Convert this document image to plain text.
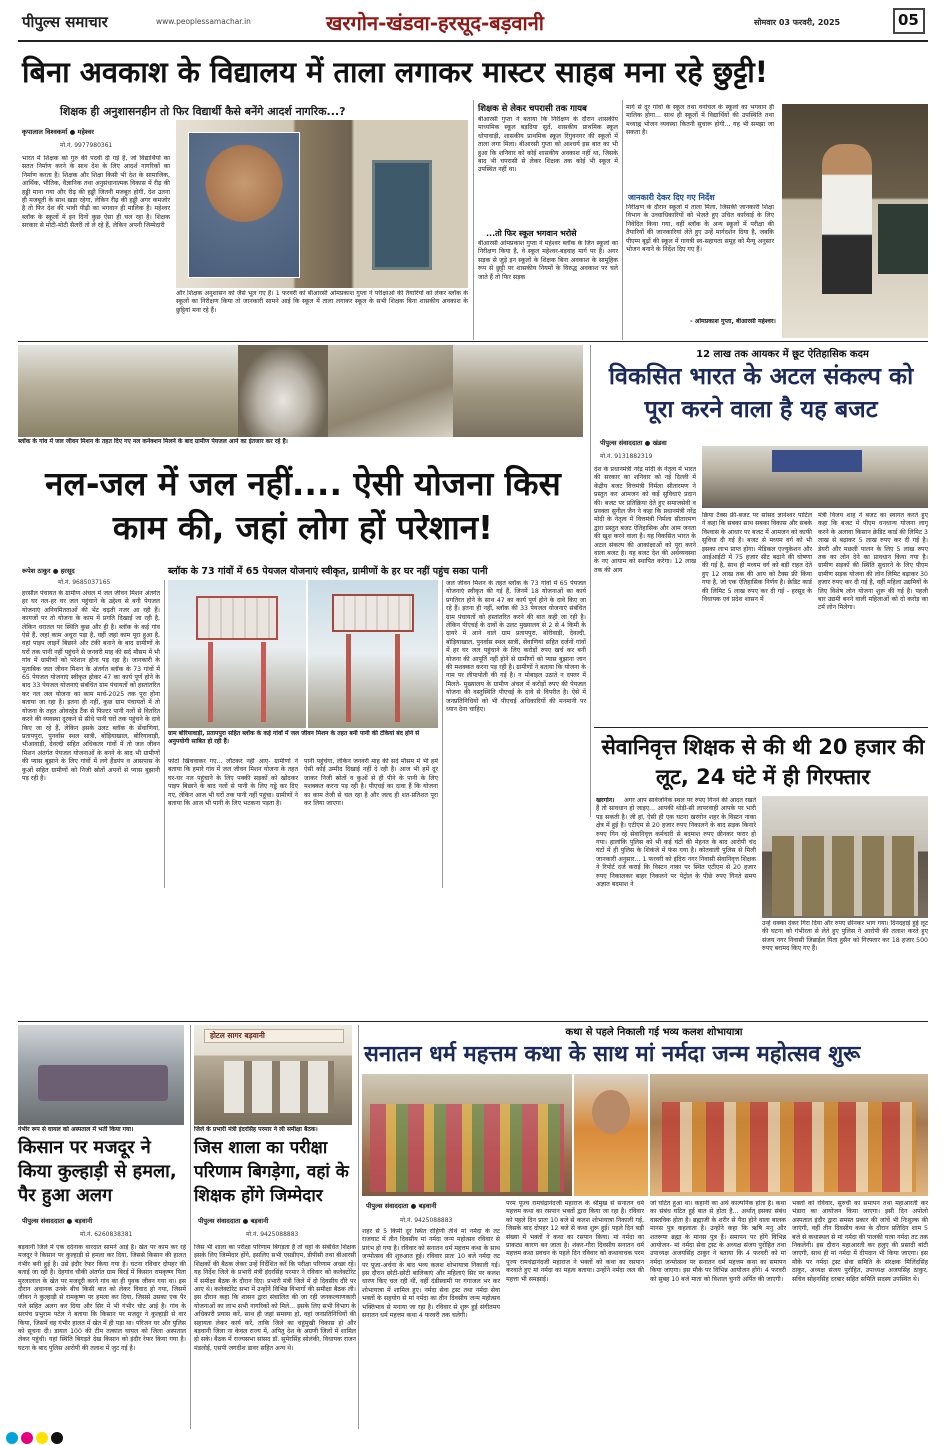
पीपुल्स समाचार	www.peoplessamachar.in	खरगोन-खंडवा-हरसूद-बड़वानी	सोमवार 03 फरवरी, 2025	05
बिना अवकाश के विद्यालय में ताला लगाकर मास्टर साहब मना रहे छुट्टी!
शिक्षक ही अनुशासनहीन तो फिर विद्यार्थी कैसे बनेंगे आदर्श नागरिक...?
कृपालाल विश्वकर्मा ● महेश्वर
मो.नं. 9977980361
भारत में शिक्षक को गुरु की पदवी दी गई है, जो विद्यार्थियों का सतत निर्माण करने के साथ देश के लिए आदर्श नागरिकों का निर्माण करता है। शिक्षक और शिक्षा किसी भी देश के सामाजिक, आर्थिक, भौतिक, वैज्ञानिक तथा अनुसंधानात्मक विकास में रीढ़ की हड्डी माना गया और रीढ़ की हड्डी जितनी मजबूत होगी, देश उतना ही मजबूती के साथ खड़ा रहेगा, लेकिन रीढ़ की हड्डी अगर कमजोर है तो फिर देश की भावी पीढ़ी का भगवान ही मालिक है। महेश्वर ब्लॉक के स्कूलों में इन दिनों कुछ ऐसा ही चल रहा है। शिक्षक सरकार से मोटी-मोटी सैलरी तो ले रहे हैं, लेकिन अपनी जिम्मेदारी
और शिक्षक अनुशासन को जैसे भूल गए हैं। 1 फरवरी को बीआरसी ओमप्रकाश गुप्ता ने परीक्षाओं की तैयारियों को लेकर ब्लॉक के स्कूलों का निरीक्षण किया तो जानकारी सामने आई कि स्कूल में ताला लगाकर स्कूल के सभी शिक्षक बिना शासकीय अवकाश के छुट्टियां मना रहे हैं।
शिक्षक से लेकर चपरासी तक गायब
बीआरसी गुप्ता ने बताया कि निरीक्षण के दौरान शासकीय माध्यमिक स्कूल बड़दिया सुर्त, शासकीय प्राथमिक स्कूल धोपावाड़ी, शासकीय प्राथमिक स्कूल रिंगुवनगर की स्कूलों में ताला लगा मिला। बीआरसी गुप्ता को आश्चर्य इस बात का भी हुआ कि शनिवार को कोई शासकीय अवकाश नहीं था, जिसके बाद भी चपरासी से लेकर शिक्षक तक कोई भी स्कूल में उपस्थित नहीं था।
...तो फिर स्कूल भगवान भरोसे
बीआरसी ओमप्रकाश गुप्ता ने महेश्वर ब्लॉक के जिन स्कूलों का निरीक्षण किया है, वे स्कूल महेश्वर-बड़वाह मार्ग पर हैं। अगर सड़क से जुड़े इन स्कूलों के शिक्षक बिना अवकाश के सामूहिक रूप से छुट्टी पर शासकीय नियमों के विरुद्ध अवकाश पर चले जाते हैं तो फिर सड़क
मार्ग से दूर गांवों के स्कूल तथा वनांचल के स्कूलों का भगवान ही मालिक होगा... साथ ही स्कूलों में विद्यार्थियों की उपस्थिति तथा मध्याह्न भोजन व्यवस्था कितनी सुचारू होगी... यह भी समझा जा सकता है।
जानकारी देकर दिए गए निर्देश
निरीक्षण के दौरान स्कूलों में ताला मिला, जिसकी जानकारी शिक्षा विभाग के उच्चाधिकारियों को भेजते हुए उचित कार्रवाई के लिए निवेदित किया गया, वहीं ब्लॉक के अन्य स्कूलों में परीक्षा की तैयारियों की जानकारियां लेते हुए उन्हें मार्गदर्शन दिया है, जबकि पीएम्प बूढ़ों की स्कूल में गायत्री स्व-सहायता समूह को मैन्यू अनुसार भोजन बनाने के निर्देश दिए गए हैं।
- ओमप्रकाश गुप्ता, बीआरसी महेश्वर।
ब्लॉक के गांव में जल जीवन मिशन के तहत दिए गए नल कनेक्शन मिलने के बाद ग्रामीण पेयजल आने का इंतजार कर रहे हैं।
12 लाख तक आयकर में छूट ऐतिहासिक कदम
विकसित भारत के अटल संकल्प को पूरा करने वाला है यह बजट
पीपुल्स संवाददाता ● खंडवा
मो.नं. 9131882319
देश के प्रधानमंत्री नरेंद्र मोदी के नेतृत्व में भारत की सरकार का शनिवार को नई दिल्ली में केंद्रीय बजट वित्तमंत्री निर्मला सीतारमण ने प्रस्तुत कर आमजन को कई सुविधाएं प्रदान की। बजट पर प्रतिक्रिया देते हुए समाजसेवी व प्रवक्ता सुनील जैन ने कहा कि प्रधानमंत्री नरेंद्र मोदी के नेतृत्व में वित्तमंत्री निर्मला सीतारमण द्वारा प्रस्तुत बजट ऐतिहासिक और आम जनता की खुश करने वाला है। यह विकसित भारत के अटल संकल्प की आकांक्षाओं को पूरा करने वाला बजट है। यह बजट देश की अर्थव्यवस्था के नए आयाम को स्थापित करेगा। 12 लाख तक की आय
क्रिया टैक्स फ्री-बजट पर सांसद ज्ञानेश्वर पाटिल ने कहा कि सबका साथ सबका विकास और सबके विश्वास के आधार पर बजट में आमजन को काफी सुविधा दी गई है। बजट से मध्यम वर्ग को भी इसका लाभ प्राप्त होगा। मेडिकल एज्युकेशन और आईआईटी में 75 हजार सीट बढ़ाने की घोषणा की गई है, साथ ही मध्यम वर्ग को बड़ी राहत देते हुए 12 लाख तक की आय को टैक्स फ्री किया गया है, जो एक ऐतिहासिक निर्णय है। क्रेडिट कार्ड की लिमिट 5 लाख रुपए कर दी गई - हरसूद के विधायक एवं प्रदेश शासन में
मंत्री विजय शाह ने बजट का स्वागत करते हुए कहा कि बजट में पीएम धनधान्य योजना लागू करने के अलावा किसान क्रेडिट कार्ड की लिमिट 3 लाख से बढ़ाकर 5 लाख रुपए कर दी गई है। डेयरी और मछली पालन के लिए 5 लाख रुपए तक का लोन देने का प्रावधान किया गया है। ग्रामीण सड़कों की स्थिति सुधारने के लिए पीएम ग्रामीण सड़क योजना की लोन लिमिट बढ़ाकर 30 हजार रुपए कर दी गई है, वहीं महिला उद्यमियों के लिए विशेष लोन योजना शुरू की गई है। पहली बार उद्यमी बनने वाली महिलाओं को दो करोड़ का टर्म लोन मिलेगा।
नल-जल में जल नहीं.... ऐसी योजना किस काम की, जहां लोग हों परेशान!
रूपेश ठाकुर ● हरसूद
मो.नं. 9685037165
ब्लॉक के 73 गांवों में 65 पेयजल योजनाएं स्वीकृत, ग्रामीणों के हर घर नहीं पहुंच सका पानी
हरसौल पंचायत के ग्रामीण अंचल में जल जीवन मिशन अंतर्गत हर घर नल-हर घर जल पहुंचाने के उद्देश्य से बनी पेयजल योजनाएं अनियमितताओं की भेंट चढ़ती नजर आ रही हैं। कागजों पर तो योजना के काम में प्रगति दिखाई जा रही है, लेकिन धरातल पर स्थिति कुछ और ही है। ब्लॉक के कई गांव ऐसे हैं, जहां काम अधूरा पड़ा है, वहीं जहां काम पूरा हुआ है, वहां पाइप लाइनें बिछाने और टंकी बनाने के बाद ग्रामीणों के घरों तक पानी नहीं पहुंचने से जनवरी माह की सर्द मौसम में भी गांव में ग्रामीणों को परेशान होना पड़ रहा है। जानकारी के मुताबिक जल जीवन मिशन के अंतर्गत ब्लॉक के 73 गांवों में 65 पेयजल योजनाएं स्वीकृत होकर 47 का कार्य पूर्ण होने के बाद 33 पेयजल योजनाएं संबंधित ग्राम पंचायतों को हस्तांतरित कर नल जल योजना का काम मार्च-2025 तक पूरा होना बताया जा रहा है। इतना ही नहीं, कुछ ग्राम पंचायतों में तो योजना के तहत ओवरहेड टैंक से फिल्टर पानी नलों से वितरित करने की व्यवस्था दूरकने से सीधे पानी घरों तक पहुंचने के दावे किए जा रहे हैं, लेकिन इसके उलट ब्लॉक के सेंवाणियां, प्रतापपुरा, पुनर्वास स्थल सात्री, बोड़ियाखाल, बोरियावाड़ी, भीआवाड़ी, देवल्दी सहित अधिकतर गांवों में तो जल जीवन मिशन अंतर्गत पेयजल योजनाओं के बनने के बाद भी ग्रामीणों की प्यास बुझाने के लिए गांवों में लगे हैंडपंप व आसपास के कुओं सहित ग्रामीणों को निजी स्रोतों अपनों से प्यास बुझानी पड़ रही है।
ग्राम बोरियावाड़ी, प्रतापपुरा सहित ब्लॉक के कई गांवों में जल जीवन मिशन के तहत बनी पानी की टंकियां बंद होने से अनुपयोगी साबित हो रही हैं।
फोटो खिंचवाकर गए... लौटकर नहीं आए- ग्रामीणों ने बताया कि हमारे गांव में जल जीवन मिशन योजना के तहत घर-घर नल पहुंचाने के लिए पक्की सड़कों को खोदकर पाइप बिछाने के बाद नलों से पानी के लिए गड्ढे कर दिए गए, लेकिन आज भी घरों तक पानी नहीं पहुंचा। ग्रामीणों ने बताया कि आज भी पानी के लिए भटकना पड़ता है।
पानी पहुंचेगा, लेकिन जनवरी माह की सर्द मौसम में भी हमें ऐसी कोई उम्मीद दिखाई नहीं दे रही है। आज भी हमें दूर जाकर निजी स्रोतों व कुओं से ही पीने के पानी के लिए मशक्कत करना पड़ रही है। पीएचई का दावा हैं कि योजना का काम तेजी से चल रहा है और जल्द ही शत-प्रतिशत पूरा कर लिया जाएगा।
जल जीवन मिशन के तहत ब्लॉक के 73 गांवों में 65 पेयजल योजनाएं स्वीकृत की गई हैं, जिनमें 18 योजनाओं का कार्य प्रगतिरत होने के साथ 47 का कार्य पूर्ण होने के दावे किए जा रहे हैं। इतना ही नहीं, ब्लॉक की 33 पेयजल योजनाएं संबंधित ग्राम पंचायतों को हस्तांतरित करने की बात कही जा रही है। लेकिन पीएचई के दावों के उलट मुख्यालय से 2 से 4 किमी के दायरे में आने वाले ग्राम प्रतापपुरा, बोरीवाड़ी, देवल्दी, बोड़ियाखाल, पुनर्वास स्थल सात्री, सेंवाणियां सहित दर्जनों गांवों में हर घर जल पहुंचाने के लिए करोड़ों रुपए खर्च कर बनी योजना की आपूर्ति नहीं होने से ग्रामीणों को प्यास बुझाना जान की मशक्कत करना पड़ रही है। ग्रामीणों ने बताया कि योजना के नाम पर लीपापोती की गई है। न मोबाइल उठाते न दफ्तर में मिलते- मुख्यालय के ग्रामीण अंचल में करोड़ों रुपए की पेयजल योजना की वस्तुस्थिति पीएचई के दावे से विपरीत है। ऐसे में जनप्रतिनिधियों को भी पीएचई अधिकारियों की मनमानी पर ध्यान देना चाहिए।
सेवानिवृत्त शिक्षक से की थी 20 हजार की लूट, 24 घंटे में ही गिरफ्तार
खरगोन।	अगर आप सार्वजनिक स्थल पर रुपए गिनने की आदत रखते हैं तो सावधान हो जाइए... आपकी थोड़ी-सी लापरवाही आपके पर भारी पड़ सकती है। जी हां, ऐसी ही एक घटना खरगोन शहर के विस्टन नाका क्षेत्र में हुई है। एटीएम से 20 हजार रुपए निकालने के बाद सड़क किनारे रुपए गिन रहे सेवानिवृत्त कर्मचारी से बदमाश रुपए छीनकर फरार हो गया। हालांकि पुलिस को भी कई घंटों की मेहनत के बाद आरोपी चंद घंटों में ही पुलिस के शिकंजे में फंस गया है। कोतवाली पुलिस से मिली जानकारी अनुसार... 1 फरवरी को इंदिरा नगर निवासी सेवानिवृत्त शिक्षक ने रिपोर्ट दर्ज कराई कि विस्टन नाका पर स्थित एटीएम से 20 हजार रुपए निकालकर बाहर निकलने पर पेट्रोल के पीछे रुपए गिनते समय अज्ञात बदमाश ने
उन्हें धक्का देकर गिरा दिया और रुपए छीनकर भाग गया। दिनदहाड़े हुई लूट की घटना को गंभीरता से लेते हुए पुलिस ने आरोपी की तलाश करते हुए संजय नगर निवासी जिब्राईल पिता हुसैन को गिरफ्तार कर 18 हजार 500 रुपए बरामद किए गए हैं।
गंभीर रूप से घायल को अस्पताल में भर्ती किया गया।
किसान पर मजदूर ने किया कुल्हाड़ी से हमला, पैर हुआ अलग
पीपुल्स संवाददाता ● बड़वानी
मो.नं. 6260838381
बड़वानी जिले में एक दर्दनाक वारदात सामने आई है। खेत पर काम कर रहे मजदूर ने किसान पर कुल्हाड़ी से हमला कर दिया, जिससे किसान की हालत गंभीर बनी हुई है। उसे इंदौर रेफर किया गया है। घटना रविवार दोपहर की बताई जा रही है। देहगांव चौकी अंतर्गत ग्राम बिरई में किसान रामकृष्ण पिता मुरलालाल के खेत पर मजदूरी करने गांव का ही युवक जीवन गया था। इस दौरान अचानक उनके बीच किसी बात को लेकर विवाद हो गया, जिसमें जीवन ने कुल्हाड़ी से रामकृष्ण पर हमला कर दिया, जिससे उसका एक पैर पंजे सहित अलग कर दिया और सिर में भी गंभीर चोट आई है। गांव के सरपंच प्रभुराम पटेल ने बताया कि किसान पर मजदूर ने कुल्हाड़ी से वार किया, जिसमें वह गंभीर हालत में खेत में ही पड़ा था। परिजन घर और पुलिस को सूचना दी। डायल 100 की टीम तत्काल घायल को जिला अस्पताल लेकर पहुंची। यहां स्थिति बिगड़ते देख किसान को इंदौर रेफर किया गया है। घटना के बाद पुलिस आरोपी की तलाश में जुट गई है।
होटल सागर बड़वानी
जिले के प्रभारी मंत्री इंदरसिंह परमार ने ली समीक्षा बैठक।
जिस शाला का परीक्षा परिणाम बिगड़ेगा, वहां के शिक्षक होंगे जिम्मेदार
पीपुल्स संवाददाता ● बड़वानी
मो.नं. 9425088883
जिस भी शाला का परीक्षा परिणाम बिगड़ता है तो वहां के संबंधित शिक्षक इसके लिए जिम्मेदार होंगे, इसलिए सभी एसडीएम, डीपीसी तथा बीआरसी शिक्षकों की बैठक लेकर उन्हें निर्देशित करें कि परीक्षा परिणाम अच्छा रहे। यह निर्देश जिले के प्रभारी मंत्री इंदरसिंह परमार ने रविवार को कलेक्टोरेट में समीक्षा बैठक के दौरान दिए। प्रभारी मंत्री जिले में दो दिवसीय दौरे पर आए थे। कलेक्टोरेट सभा में उन्होंने विभिन्न विभागों की समीक्षा बैठक ली। इस दौरान कहा कि शासन द्वारा संचालित की जा रही जनकल्याणकारी योजनाओं का लाभ सभी नागरिकों को मिले... इसके लिए सभी विभाग के अधिकारी प्रयास करें, साथ ही जहां समस्या हो, वहां जनप्रतिनिधियों की सहायता लेकर कार्य करें, ताकि जिले का चहुंमुखी विकास हो और बड़वानी जिला ना केवल राज्य में, अपितु देश के अग्रणी जिलों में शामिल हो सके। बैठक में राज्यसभा सांसद डॉ. सुमेरसिंह सोलंकी, विधायक राजन मंडलोई, एसपी जगदीश डावर सहित अन्य थे।
कथा से पहले निकाली गई भव्य कलश शोभायात्रा
सनातन धर्म महत्तम कथा के साथ मां नर्मदा जन्म महोत्सव शुरू
पीपुल्स संवाददाता ● बड़वानी
मो.नं. 9425088883
शहर से 5 किमी दूर स्थित रोहिणी तीर्थ मां नर्मदा के तट राजघाट में तीन दिवसीय मां नर्मदा जन्म महोत्सव रविवार से प्रारंभ हो गया है। रविवार को सनातन धर्म महत्तम कथा के साथ जन्मोत्सव की शुरुआत हुई। रविवार प्रातः 10 बजे नर्मदा तट पर पूजा-अर्चना के बाद भव्य कलश शोभायात्रा निकाली गई। इस दौरान छोटी-छोटी बालिकाएं और महिलाएं सिर पर कलश धारण किए चल रही थीं, वहीं दंडीस्वामी पर गंगाजल भर कर शोभायात्रा में शामिल हुए। नर्मदा सेवा ट्रस्ट तथा नर्मदा सेवा भक्तों के सहयोग से मां नर्मदा का तीन दिवसीय जन्म महोत्सव भक्तिभाव से मनाया जा रहा है। रविवार से शुरू हुई संगीतमय सनातन धर्म महत्तम कथा 4 फरवरी तक चलेगी।
परम पूज्य रामचंद्रानंदजी महाराज के श्रीमुख से सनातन धर्म महत्तम कथा का रसपान भक्तों द्वारा किया जा रहा है। रविवार को पहले दिन प्रातः 10 बजे से कलश शोभायात्रा निकाली गई, जिसके बाद दोपहर 12 बजे से कथा शुरू हुई। पहले दिन बड़ी संख्या में भक्तों ने कथा का रसपान किया। मां नर्मदा का प्राकट्य कारण बन जाता है। शंकर-गौरा दिवसीय सनातन धर्म महत्तम कथा प्रवचन के पहले दिन रविवार को कथावाचक परम पूज्य रामचंद्रानंदजी महाराज ने भक्तों को कथा का रसपान करवाते हुए मां नर्मदा का महत्व बताया। उन्होंने नर्मदा जल की महत्ता भी समझाई।
जो घटित हुआ था। कहानी का अर्थ काल्पनिक होता है। कथा का संबंध घटित हुई बात से होता है... अर्थात् इसका संबंध वास्तविक होता है। ब्रह्माजी के शरीर से पैदा होने वाला बालक मानस पुत्र कहलाता है। उन्होंने कहा कि ऋषि मनु और शतरूपा ब्रह्मा के मानस पुत्र हैं। समापन पर होंगे विभिन्न आयोजन- मां नर्मदा सेवा ट्रस्ट के अध्यक्ष संजय पुरोहित तथा उपाध्यक्ष अजयसिंह ठाकुर ने बताया कि 4 फरवरी को मां नर्मदा जन्मोत्सव पर सनातन धर्म महत्तम कथा का समापन किया जाएगा। इस मौके पर विभिन्न आयोजन होंगे। 4 फरवरी को सुबह 10 बजे माता को विशाल चुनरी अर्पित की जाएगी।
भक्तों को रविवार, सुरुची का समापन तथा महाआरती कर भंडारा का आयोजन किया जाएगा। इसी दिन अपोलो अस्पताल इंदौर द्वारा समस्त प्रकार की जांचें भी निःशुल्क की जाएंगी, वहीं तीन दिवसीय कथा के दौरान प्रतिदिन शाम 5 बजे से कथास्थल से मां नर्मदा की पालकी यात्रा नर्मदा तट तक निकलेगी। इस दौरान महाआरती कर हलुए की प्रसादी बांटी जाएगी, साथ ही मां नर्मदा में दीपदान भी किया जाएगा। इस मौके पर नर्मदा ट्रस्ट सेवा समिति के संरक्षक मिलिंदसिंह ठाकुर, अध्यक्ष संजय पुरोहित, उपाध्यक्ष अजयसिंह ठाकुर, सचिव सोहनसिंह दरबार सहित समिति सदस्य उपस्थित थे।
